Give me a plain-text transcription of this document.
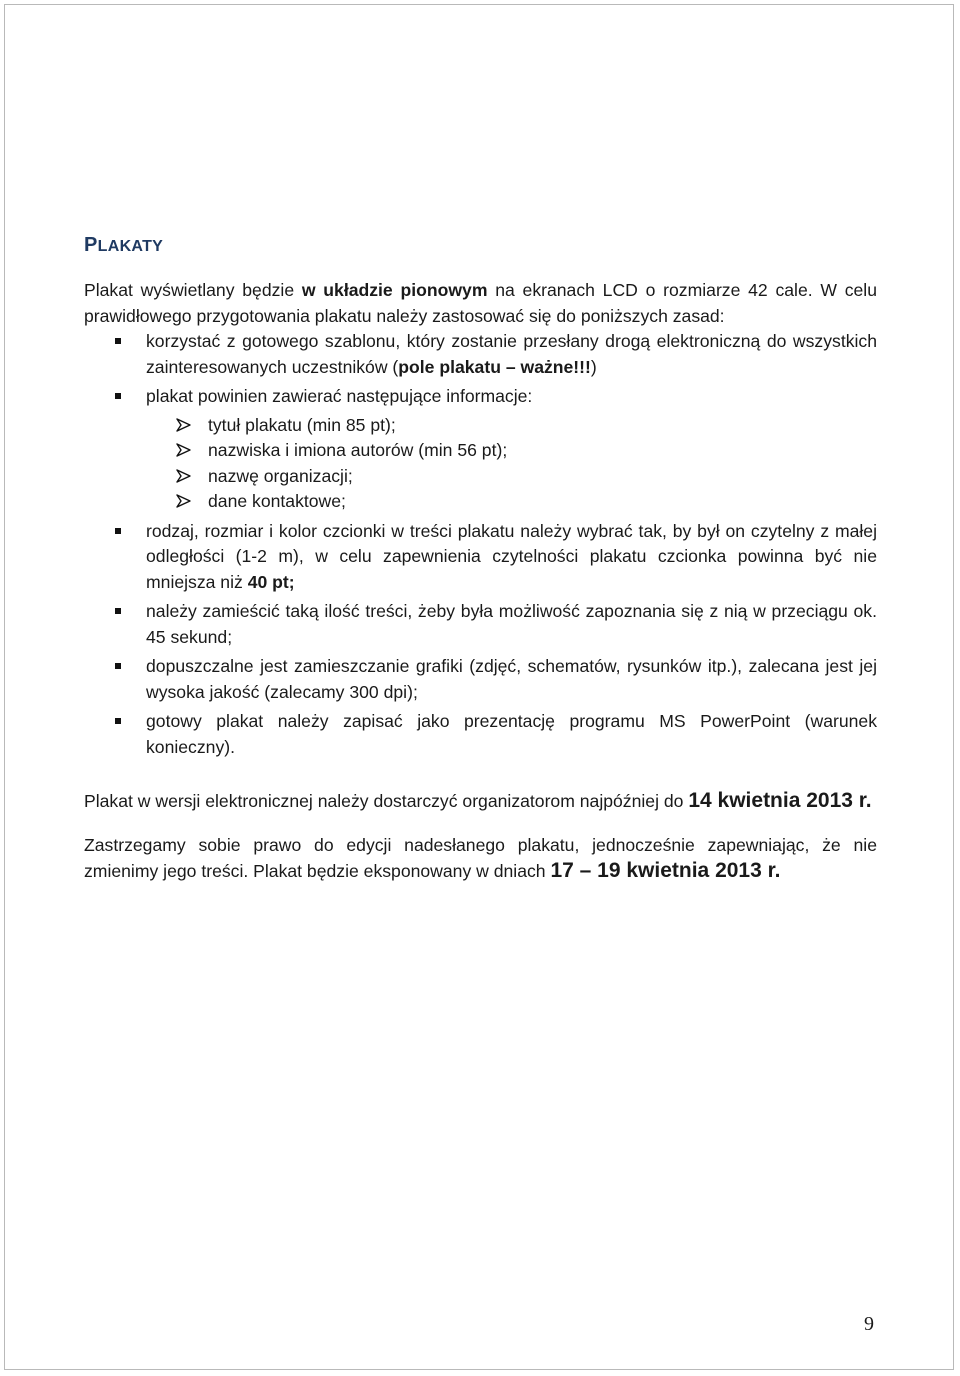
PLAKATY

Plakat wyświetlany będzie w układzie pionowym na ekranach LCD o rozmiarze 42 cale. W celu prawidłowego przygotowania plakatu należy zastosować się do poniższych zasad:

korzystać z gotowego szablonu, który zostanie przesłany drogą elektroniczną do wszystkich zainteresowanych uczestników (pole plakatu – ważne!!!)
plakat powinien zawierać następujące informacje:
tytuł plakatu (min 85 pt);
nazwiska i imiona autorów (min 56 pt);
nazwę organizacji;
dane kontaktowe;
rodzaj, rozmiar i kolor czcionki w treści plakatu należy wybrać tak, by był on czytelny z małej odległości (1-2 m), w celu zapewnienia czytelności plakatu czcionka powinna być nie mniejsza niż 40 pt;
należy zamieścić taką ilość treści, żeby była możliwość zapoznania się z nią w przeciągu ok. 45 sekund;
dopuszczalne jest zamieszczanie grafiki (zdjęć, schematów, rysunków itp.), zalecana jest jej wysoka jakość (zalecamy 300 dpi);
gotowy plakat należy zapisać jako prezentację programu MS PowerPoint (warunek konieczny).

Plakat w wersji elektronicznej należy dostarczyć organizatorom najpóźniej do 14 kwietnia 2013 r.

Zastrzegamy sobie prawo do edycji nadesłanego plakatu, jednocześnie zapewniając, że nie zmienimy jego treści. Plakat będzie eksponowany w dniach 17 – 19 kwietnia 2013 r.

9
